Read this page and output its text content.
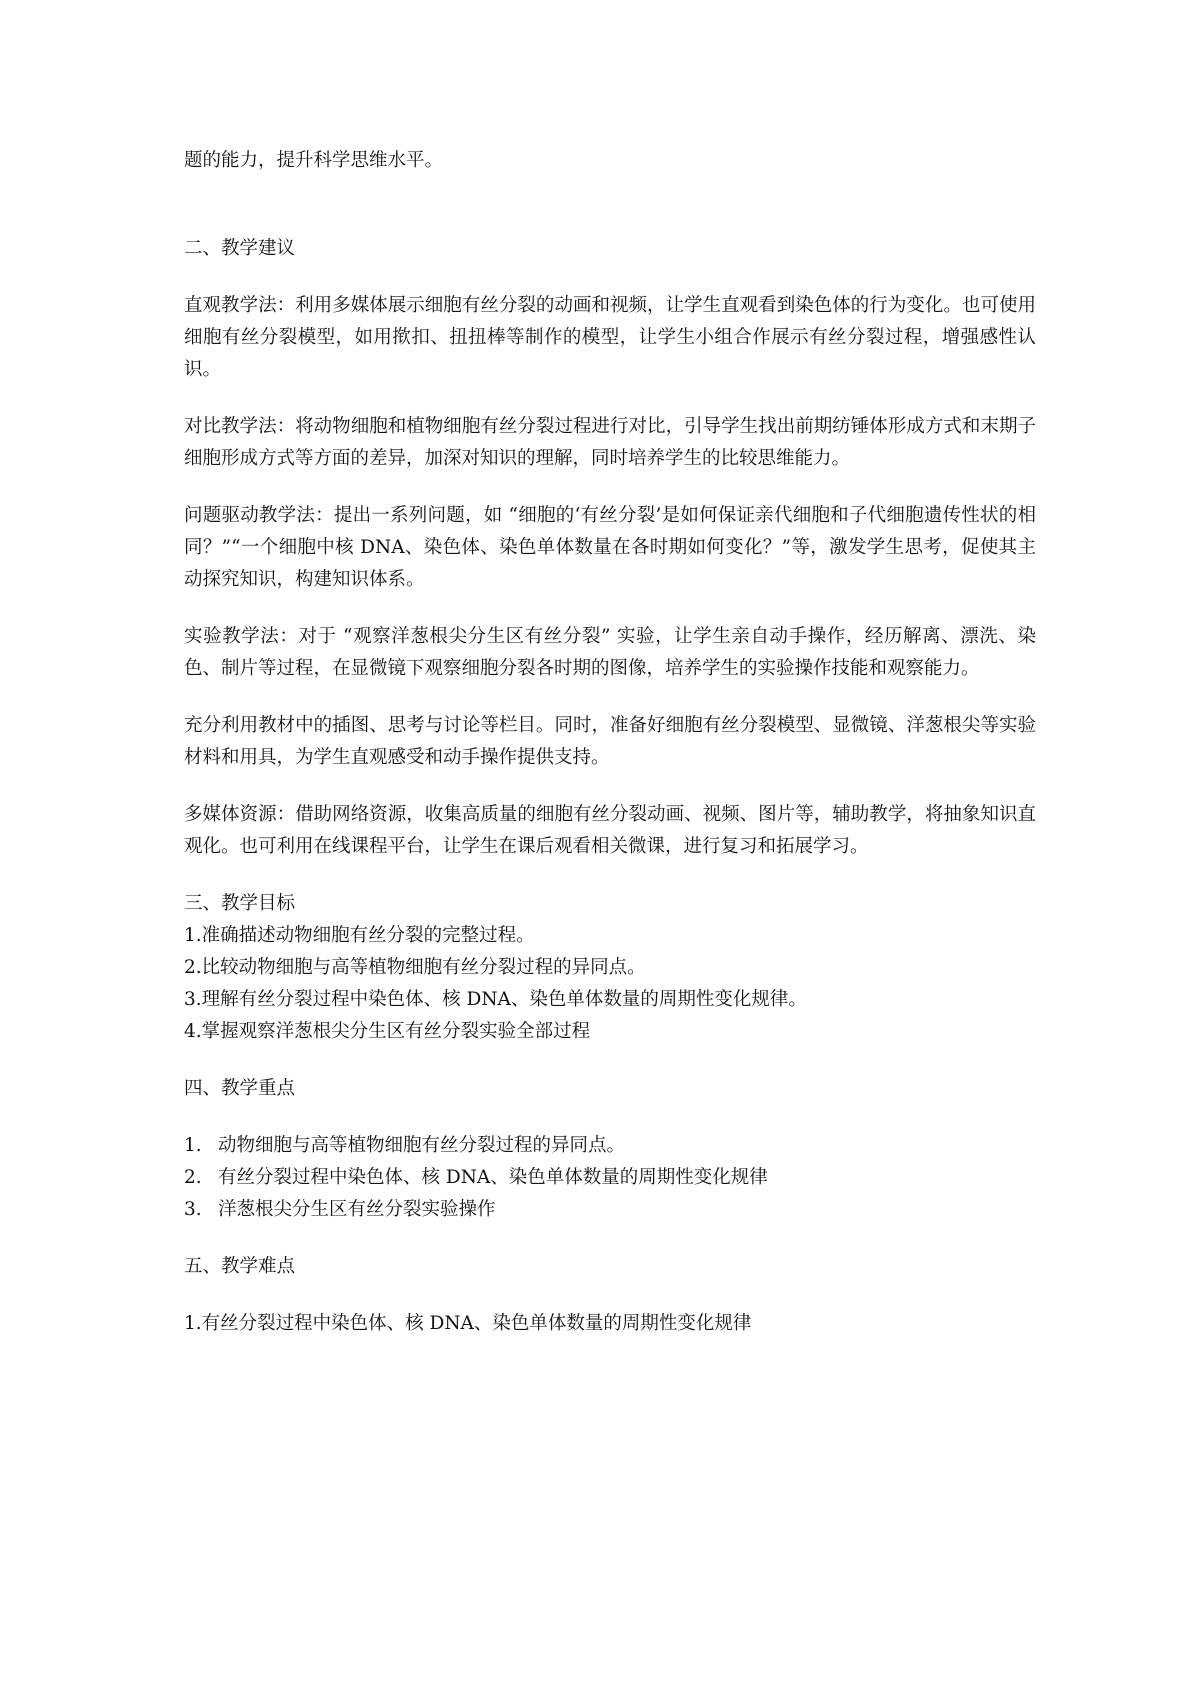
题的能力，提升科学思维水平。

二、教学建议

直观教学法：利用多媒体展示细胞有丝分裂的动画和视频，让学生直观看到染色体的行为变化。也可使用细胞有丝分裂模型，如用揿扣、扭扭棒等制作的模型，让学生小组合作展示有丝分裂过程，增强感性认识。

对比教学法：将动物细胞和植物细胞有丝分裂过程进行对比，引导学生找出前期纺锤体形成方式和末期子细胞形成方式等方面的差异，加深对知识的理解，同时培养学生的比较思维能力。

问题驱动教学法：提出一系列问题，如 “细胞的‘有丝分裂’是如何保证亲代细胞和子代细胞遗传性状的相同？”“一个细胞中核 DNA、染色体、染色单体数量在各时期如何变化？”等，激发学生思考，促使其主动探究知识，构建知识体系。

实验教学法：对于 “观察洋葱根尖分生区有丝分裂” 实验，让学生亲自动手操作，经历解离、漂洗、染色、制片等过程，在显微镜下观察细胞分裂各时期的图像，培养学生的实验操作技能和观察能力。

充分利用教材中的插图、思考与讨论等栏目。同时，准备好细胞有丝分裂模型、显微镜、洋葱根尖等实验材料和用具，为学生直观感受和动手操作提供支持。

多媒体资源：借助网络资源，收集高质量的细胞有丝分裂动画、视频、图片等，辅助教学，将抽象知识直观化。也可利用在线课程平台，让学生在课后观看相关微课，进行复习和拓展学习。

三、教学目标
1.准确描述动物细胞有丝分裂的完整过程。
2.比较动物细胞与高等植物细胞有丝分裂过程的异同点。
3.理解有丝分裂过程中染色体、核 DNA、染色单体数量的周期性变化规律。
4.掌握观察洋葱根尖分生区有丝分裂实验全部过程
四、教学重点
1. 动物细胞与高等植物细胞有丝分裂过程的异同点。
2. 有丝分裂过程中染色体、核 DNA、染色单体数量的周期性变化规律
3. 洋葱根尖分生区有丝分裂实验操作
五、教学难点
1.有丝分裂过程中染色体、核 DNA、染色单体数量的周期性变化规律
